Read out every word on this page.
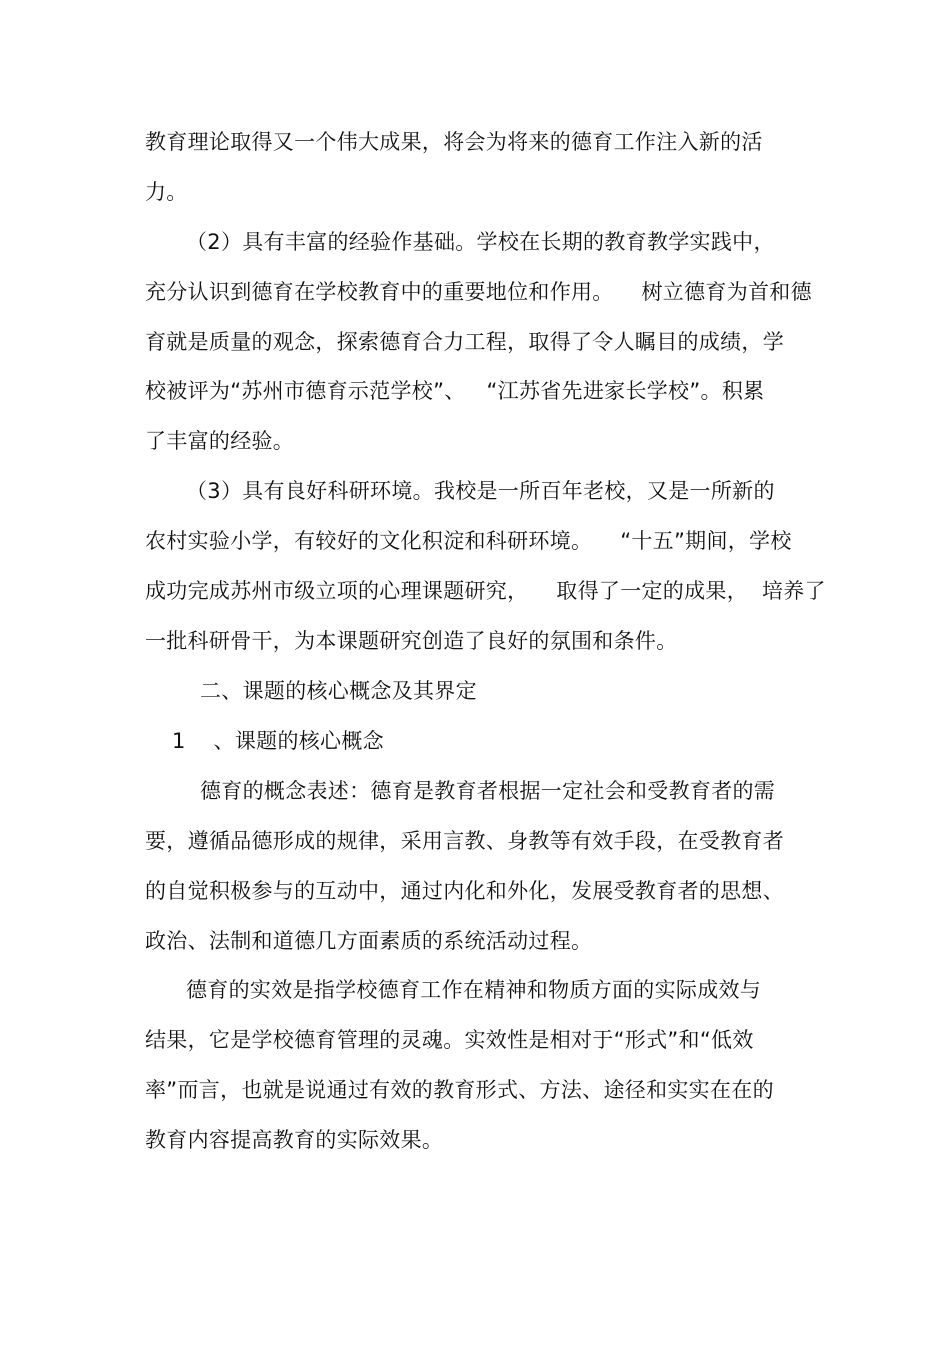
教育理论取得又一个伟大成果，将会为将来的德育工作注入新的活
力。
（2）具有丰富的经验作基础。学校在长期的教育教学实践中，
充分认识到德育在学校教育中的重要地位和作用。    树立德育为首和德
育就是质量的观念，探索德育合力工程，取得了令人瞩目的成绩，学
校被评为“苏州市德育示范学校”、   “江苏省先进家长学校”。积累
了丰富的经验。
（3）具有良好科研环境。我校是一所百年老校，又是一所新的
农村实验小学，有较好的文化积淀和科研环境。    “十五”期间，学校
成功完成苏州市级立项的心理课题研究，    取得了一定的成果，  培养了
一批科研骨干，为本课题研究创造了良好的氛围和条件。
二、课题的核心概念及其界定
1    、课题的核心概念
德育的概念表述：德育是教育者根据一定社会和受教育者的需
要，遵循品德形成的规律，采用言教、身教等有效手段，在受教育者
的自觉积极参与的互动中，通过内化和外化，发展受教育者的思想、
政治、法制和道德几方面素质的系统活动过程。
德育的实效是指学校德育工作在精神和物质方面的实际成效与
结果，它是学校德育管理的灵魂。实效性是相对于“形式”和“低效
率”而言，也就是说通过有效的教育形式、方法、途径和实实在在的
教育内容提高教育的实际效果。
